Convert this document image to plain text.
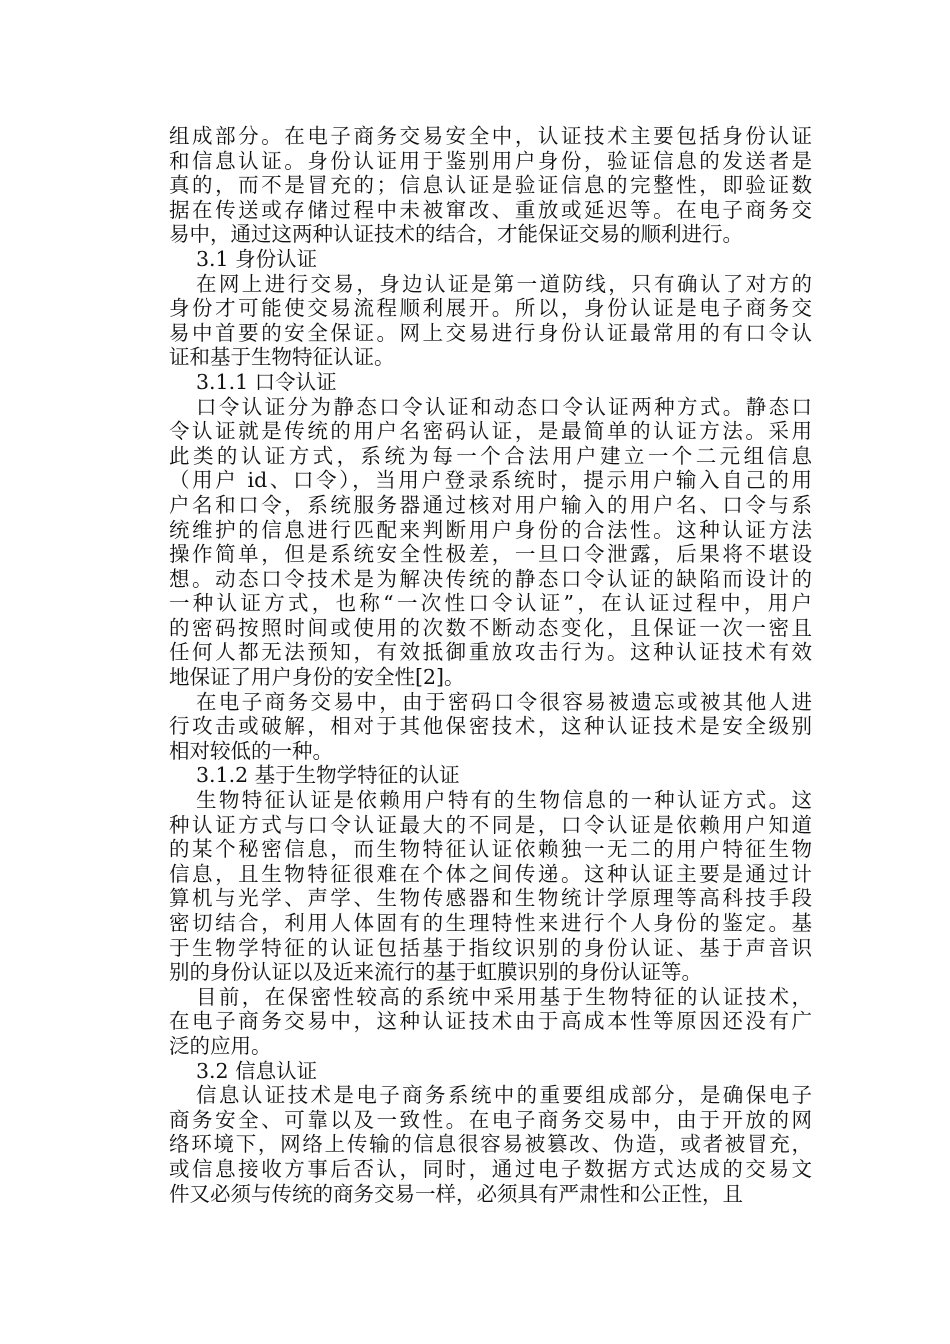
组成部分。在电子商务交易安全中，认证技术主要包括身份认证
和信息认证。身份认证用于鉴别用户身份，验证信息的发送者是
真的，而不是冒充的；信息认证是验证信息的完整性，即验证数
据在传送或存储过程中未被窜改、重放或延迟等。在电子商务交
易中，通过这两种认证技术的结合，才能保证交易的顺利进行。
3.1 身份认证
在网上进行交易，身边认证是第一道防线，只有确认了对方的
身份才可能使交易流程顺利展开。所以，身份认证是电子商务交
易中首要的安全保证。网上交易进行身份认证最常用的有口令认
证和基于生物特征认证。
3.1.1 口令认证
口令认证分为静态口令认证和动态口令认证两种方式。静态口
令认证就是传统的用户名密码认证，是最简单的认证方法。采用
此类的认证方式，系统为每一个合法用户建立一个二元组信息
（用户 id、口令），当用户登录系统时，提示用户输入自己的用
户名和口令，系统服务器通过核对用户输入的用户名、口令与系
统维护的信息进行匹配来判断用户身份的合法性。这种认证方法
操作简单，但是系统安全性极差，一旦口令泄露，后果将不堪设
想。动态口令技术是为解决传统的静态口令认证的缺陷而设计的
一种认证方式，也称“一次性口令认证”，在认证过程中，用户
的密码按照时间或使用的次数不断动态变化，且保证一次一密且
任何人都无法预知，有效抵御重放攻击行为。这种认证技术有效
地保证了用户身份的安全性[2]。
在电子商务交易中，由于密码口令很容易被遗忘或被其他人进
行攻击或破解，相对于其他保密技术，这种认证技术是安全级别
相对较低的一种。
3.1.2 基于生物学特征的认证
生物特征认证是依赖用户特有的生物信息的一种认证方式。这
种认证方式与口令认证最大的不同是，口令认证是依赖用户知道
的某个秘密信息，而生物特征认证依赖独一无二的用户特征生物
信息，且生物特征很难在个体之间传递。这种认证主要是通过计
算机与光学、声学、生物传感器和生物统计学原理等高科技手段
密切结合，利用人体固有的生理特性来进行个人身份的鉴定。基
于生物学特征的认证包括基于指纹识别的身份认证、基于声音识
别的身份认证以及近来流行的基于虹膜识别的身份认证等。
目前，在保密性较高的系统中采用基于生物特征的认证技术，
在电子商务交易中，这种认证技术由于高成本性等原因还没有广
泛的应用。
3.2 信息认证
信息认证技术是电子商务系统中的重要组成部分，是确保电子
商务安全、可靠以及一致性。在电子商务交易中，由于开放的网
络环境下，网络上传输的信息很容易被篡改、伪造，或者被冒充，
或信息接收方事后否认，同时，通过电子数据方式达成的交易文
件又必须与传统的商务交易一样，必须具有严肃性和公正性，且
